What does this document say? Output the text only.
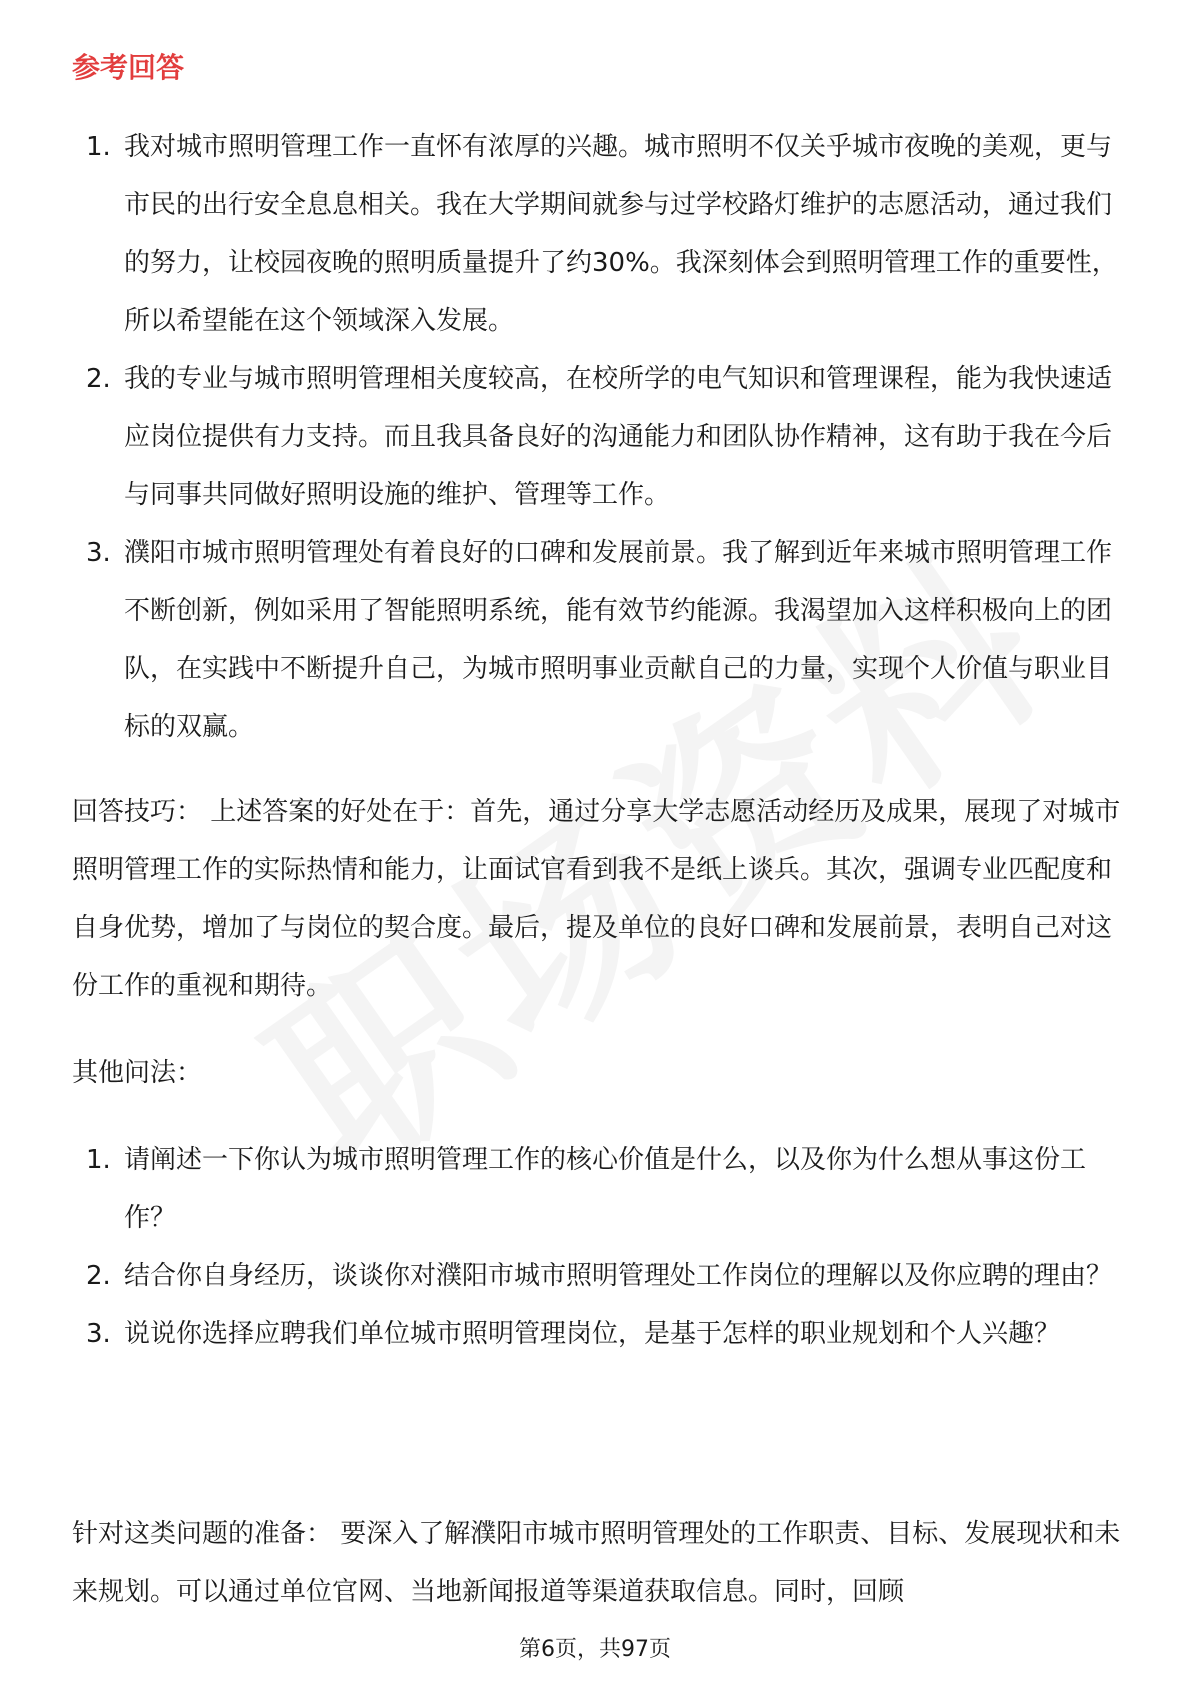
参考回答
1. 我对城市照明管理工作一直怀有浓厚的兴趣。城市照明不仅关乎城市夜晚的美观，更与市民的出行安全息息相关。我在大学期间就参与过学校路灯维护的志愿活动，通过我们的努力，让校园夜晚的照明质量提升了约30%。我深刻体会到照明管理工作的重要性，所以希望能在这个领域深入发展。
2. 我的专业与城市照明管理相关度较高，在校所学的电气知识和管理课程，能为我快速适应岗位提供有力支持。而且我具备良好的沟通能力和团队协作精神，这有助于我在今后与同事共同做好照明设施的维护、管理等工作。
3. 濮阳市城市照明管理处有着良好的口碑和发展前景。我了解到近年来城市照明管理工作不断创新，例如采用了智能照明系统，能有效节约能源。我渴望加入这样积极向上的团队，在实践中不断提升自己，为城市照明事业贡献自己的力量，实现个人价值与职业目标的双赢。

回答技巧： 上述答案的好处在于：首先，通过分享大学志愿活动经历及成果，展现了对城市照明管理工作的实际热情和能力，让面试官看到我不是纸上谈兵。其次，强调专业匹配度和自身优势，增加了与岗位的契合度。最后，提及单位的良好口碑和发展前景，表明自己对这份工作的重视和期待。

其他问法：

1. 请阐述一下你认为城市照明管理工作的核心价值是什么，以及你为什么想从事这份工作？
2. 结合你自身经历，谈谈你对濮阳市城市照明管理处工作岗位的理解以及你应聘的理由？
3. 说说你选择应聘我们单位城市照明管理岗位，是基于怎样的职业规划和个人兴趣？

针对这类问题的准备： 要深入了解濮阳市城市照明管理处的工作职责、目标、发展现状和未来规划。可以通过单位官网、当地新闻报道等渠道获取信息。同时，回顾

第6页，共97页
